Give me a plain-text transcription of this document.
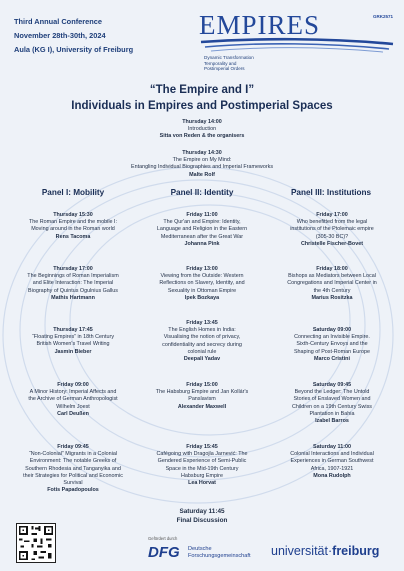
Third Annual Conference
November 28th-30th, 2024
Aula (KG I), University of Freiburg
EMPIRES	GRK2571
Dynamic Transformation
Temporality and
Postimperial Orders
“The Empire and I”
Individuals in Empires and Postimperial Spaces
Thursday 14:00
Introduction
Sitta von Reden & the organisers
Thursday 14:30
The Empire on My Mind:
Entangling Individual Biographies and Imperial Frameworks
Malte Rolf
Panel I: Mobility	Panel II: Identity	Panel III: Institutions
Thursday 15:30
The Roman Empire and the mobile I:
Moving around in the Roman world
Rens Tacoma
Thursday 17:00
The Beginnings of Roman Imperialism
and Elite Interaction: The Imperial
Biography of Quintus Ogulnius Gallus
Mathis Hartmann
Thursday 17:45
“Floating Empires” in 18th Century
British Women's Travel Writing
Jasmin Bieber
Friday 09:00
A Minor History: Imperial Affects and
the Archive of German Anthropologist
Wilhelm Joest
Carl Deußen
Friday 09:45
“Non-Colonial” Migrants in a Colonial
Environment: The notable Greeks of
Southern Rhodesia and Tanganyika and
their Strategies for Political and Economic
Survival
Fotis Papadopoulos
Friday 11:00
The Qur'an and Empire: Identity,
Language and Religion in the Eastern
Mediterranean after the Great War
Johanna Pink
Friday 13:00
Viewing from the Outside: Western
Reflections on Slavery, Identity, and
Sexuality in Ottoman Empire
Ipek Bozkaya
Friday 13:45
The English Homes in India:
Visualising the notion of privacy,
confidentiality and secrecy during
colonial rule
Deepali Yadav
Friday 15:00
The Habsburg Empire and Jan Kollár's
Panslavism
Alexander Maxwell
Friday 15:45
Cafégoing with Dragojla Jarnević: The
Gendered Experience of Semi-Public
Space in the Mid-19th Century
Habsburg Empire
Lea Horvat
Friday 17:00
Who benefitted from the legal
institutions of the Ptolemaic empire
(305-30 BC)?
Christelle Fischer-Bovet
Friday 18:00
Bishops as Mediators between Local
Congregations and Imperial Center in
the 4th Century
Marius Rositzka
Saturday 09:00
Connecting an Invisible Empire.
Sixth-Century Envoys and the
Shaping of Post-Roman Europe
Marco Cristini
Saturday 09:45
Beyond the Ledger: The Untold
Stories of Enslaved Women and
Children on a 19th Century Swiss
Plantation in Bahia
Izabel Barros
Saturday 11:00
Colonial Interactions and Individual
Experiences in German Southwest
Africa, 1907-1921
Mona Rudolph
Saturday 11:45
Final Discussion
Gefördert durch
DFG Deutsche
Forschungsgemeinschaft universität·freiburg
